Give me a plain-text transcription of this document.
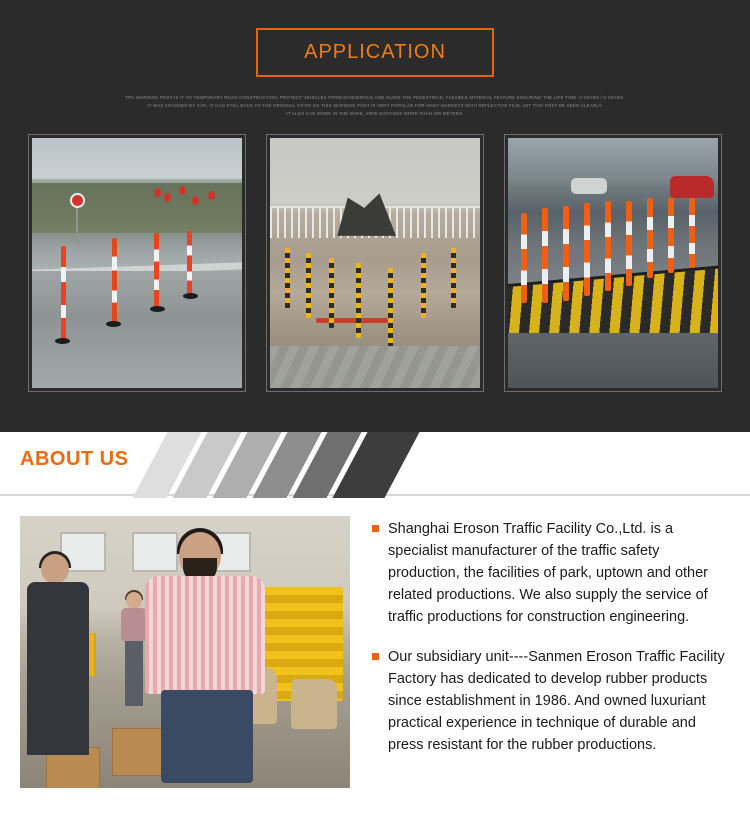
APPLICATION
TPU WARNING POST IS IT TO TEMPORARY ROAD CONSTRUCTION, PROTECT VEHICLES FROM DANGEROUS AND GUIDE THE PEDESTRIAN, FLEXIBLE MATERIAL FEATURE ENSURING THE LIFE TIME: 3 YEARS / 5 YEARS.
IT WAS CRASHED BY CAR, IT CAN STILL BACK TO THE ORIGINAL STATE SO THIS WARNING POST IS VERY POPULAR FOR MANY MARKETS WITH REFLECTIVE FILM, LET THIS POST BE SEEN CLEARLY.
IT ALSO CAN WORK IN THE DARK, VIEW DISTANCE MORE THAN 200 METERS.
ABOUT US
Shanghai Eroson Traffic Facility Co.,Ltd. is a specialist manufacturer of the traffic safety production, the facilities of park, uptown and other related productions. We also supply the service of traffic productions for construction engineering.
Our subsidiary unit----Sanmen Eroson Traffic Facility Factory has dedicated to develop rubber products since establishment in 1986. And owned luxuriant practical experience in technique of durable and press resistant for the rubber productions.
